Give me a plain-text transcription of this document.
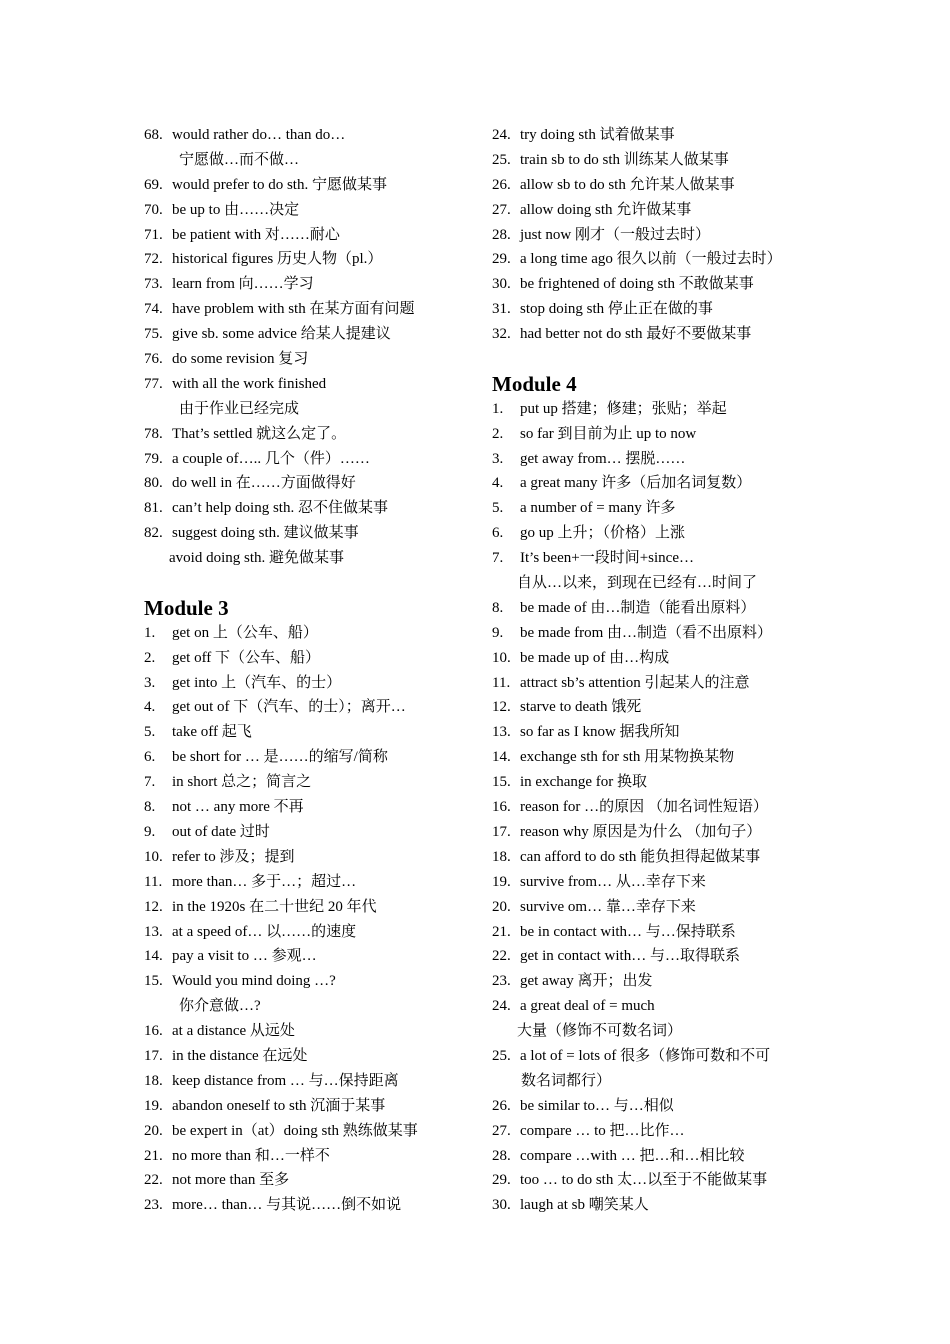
68. would rather do… than do…
宁愿做…而不做…
69. would prefer to do sth. 宁愿做某事
70. be up to 由……决定
71. be patient with 对……耐心
72. historical figures 历史人物（pl.）
73. learn from 向……学习
74. have problem with sth 在某方面有问题
75. give sb. some advice 给某人提建议
76. do some revision 复习
77. with all the work finished
由于作业已经完成
78. That’s settled 就这么定了。
79. a couple of….. 几个（件）……
80. do well in 在……方面做得好
81. can’t help doing sth. 忍不住做某事
82. suggest doing sth. 建议做某事
avoid doing sth. 避免做某事
Module 3
1. get on 上（公车、船）
2. get off 下（公车、船）
3. get into 上（汽车、的士）
4. get out of 下（汽车、的士）；离开…
5. take off 起飞
6. be short for … 是……的缩写/简称
7. in short 总之；简言之
8. not … any more 不再
9. out of date 过时
10. refer to 涉及；提到
11. more than… 多于…；超过…
12. in the 1920s 在二十世纪 20 年代
13. at a speed of… 以……的速度
14. pay a visit to … 参观…
15. Would you mind doing …?
你介意做…?
16. at a distance 从远处
17. in the distance 在远处
18. keep distance from … 与…保持距离
19. abandon oneself to sth 沉湎于某事
20. be expert in（at）doing sth 熟练做某事
21. no more than 和…一样不
22. not more than 至多
23. more… than… 与其说……倒不如说
24. try doing sth 试着做某事
25. train sb to do sth 训练某人做某事
26. allow sb to do sth 允许某人做某事
27. allow doing sth 允许做某事
28. just now 刚才（一般过去时）
29. a long time ago 很久以前（一般过去时）
30. be frightened of doing sth 不敢做某事
31. stop doing sth 停止正在做的事
32. had better not do sth 最好不要做某事
Module 4
1. put up 搭建；修建；张贴；举起
2. so far 到目前为止 up to now
3. get away from… 摆脱……
4. a great many 许多（后加名词复数）
5. a number of = many 许多
6. go up 上升；（价格）上涨
7. It’s been+一段时间+since…
自从…以来，到现在已经有…时间了
8. be made of 由…制造（能看出原料）
9. be made from 由…制造（看不出原料）
10. be made up of 由…构成
11. attract sb’s attention 引起某人的注意
12. starve to death 饿死
13. so far as I know 据我所知
14. exchange sth for sth 用某物换某物
15. in exchange for 换取
16. reason for …的原因 （加名词性短语）
17. reason why 原因是为什么 （加句子）
18. can afford to do sth 能负担得起做某事
19. survive from… 从…幸存下来
20. survive om… 靠…幸存下来
21. be in contact with… 与…保持联系
22. get in contact with… 与…取得联系
23. get away 离开；出发
24. a great deal of = much
大量（修饰不可数名词）
25. a lot of = lots of 很多（修饰可数和不可
数名词都行）
26. be similar to… 与…相似
27. compare … to 把…比作…
28. compare …with … 把…和…相比较
29. too … to do sth 太…以至于不能做某事
30. laugh at sb 嘲笑某人
